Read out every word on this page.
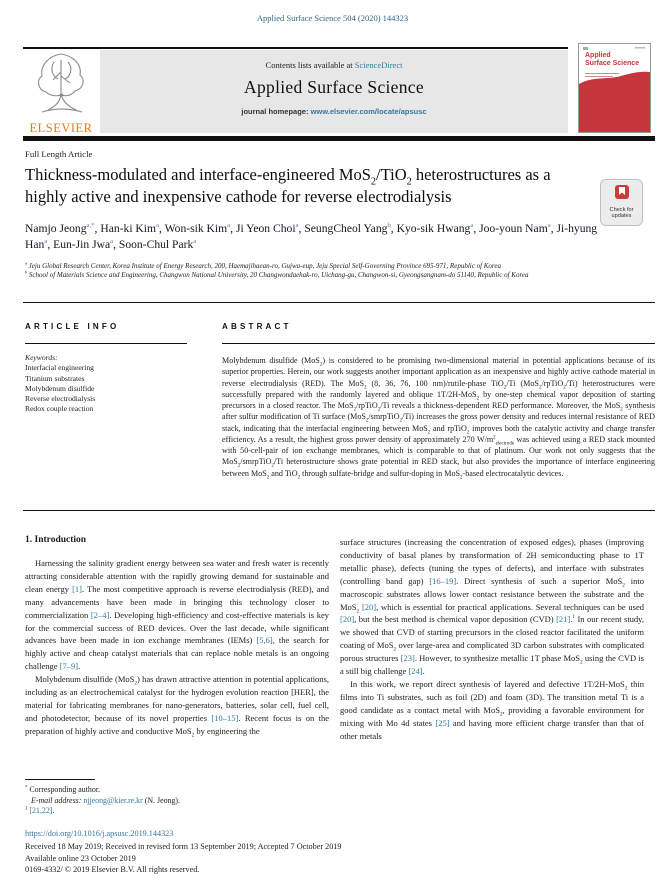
Applied Surface Science 504 (2020) 144323
ELSEVIER
Contents lists available at ScienceDirect
Applied Surface Science
journal homepage: www.elsevier.com/locate/apsusc
Applied
Surface Science
Full Length Article
Thickness-modulated and interface-engineered MoS$_2$/TiO$_2$ heterostructures as a highly active and inexpensive cathode for reverse electrodialysis
Check for
updates
Namjo Jeong$^{a,*}$, Han-ki Kim$^a$, Won-sik Kim$^a$, Ji Yeon Choi$^a$, SeungCheol Yang$^b$, Kyo-sik Hwang$^a$, Joo-youn Nam$^a$, Ji-hyung Han$^a$, Eun-Jin Jwa$^a$, Soon-Chul Park$^a$
$^a$ Jeju Global Research Center, Korea Institute of Energy Research, 200, Haemajihaean-ro, Gujwa-eup, Jeju Special Self-Governing Province 695-971, Republic of Korea
$^b$ School of Materials Science and Engineering, Changwon National University, 20 Changwondaehak-ro, Uichang-gu, Changwon-si, Gyeongsangnam-do 51140, Republic of Korea
ARTICLE INFO
Keywords:
Interfacial engineering
Titanium substrates
Molybdenum disulfide
Reverse electrodialysis
Redox couple reaction
ABSTRACT
Molybdenum disulfide (MoS$_2$) is considered to be promising two-dimensional material in potential applications because of its superior properties. Herein, our work suggests another important application as an inexpensive and highly active cathode material in reverse electrodialysis (RED). The MoS$_2$ (8, 36, 76, 100 nm)/rutile-phase TiO$_2$/Ti (MoS$_2$/rpTiO$_2$/Ti) heterostructures were successfully prepared with the randomly layered and oblique 1T/2H-MoS$_2$ by one-step chemical vapor deposition of starting precursors in a closed reactor. The MoS$_2$/rpTiO$_2$/Ti reveals a thickness-dependent RED performance. Moreover, the MoS$_2$ synthesis after sulfur modification of Ti surface (MoS$_2$/smrpTiO$_2$/Ti) increases the gross power density and reduces internal resistance of RED stack, indicating that the interfacial engineering between MoS$_2$ and rpTiO$_2$ improves both the catalytic activity and charge transfer efficiency. As a result, the highest gross power density of approximately 270 $W/m^2_{electrode}$ was achieved using a RED stack mounted with 50-cell-pair of ion exchange membranes, which is comparable to that of platinum. Our work not only suggests that the MoS$_2$/smrpTiO$_2$/Ti heterostructure shows grate potential in RED stack, but also provides the importance of interface engineering between MoS$_2$ and TiO$_2$ through sulfate-bridge and sulfur-doping in MoS$_2$-based electrocatalytic devices.
1. Introduction

Harnessing the salinity gradient energy between sea water and fresh water is recently attracting considerable attention with the rapidly growing demand for sustainable and clean energy [1]. The most competitive approach is reverse electrodialysis (RED), and many advancements have been made in bringing this technology closer to commercialization [2–4]. Developing high-efficiency and cost-effective materials is key for the commercial success of RED devices. Over the last decade, while significant advances have been made in ion exchange membranes (IEMs) [5,6], the search for highly active and cheap catalyst materials that can replace noble metals is an ongoing challenge [7–9].

Molybdenum disulfide (MoS$_2$) has drawn attractive attention in potential applications, including as an electrochemical catalyst for the hydrogen evolution reaction [HER], the material for fabricating membranes for nano-generators, batteries, solar cell, fuel cell, and photodetector, because of its novel properties [10–15]. Recent focus is on the preparation of highly active and conductive MoS$_2$ by engineering the

surface structures (increasing the concentration of exposed edges), phases (improving conductivity of basal planes by transformation of 2H semiconducting phase to 1T metallic phase), defects (tuning the types of defects), and interface with substrates (controlling band gap) [16–19]. Direct synthesis of such a superior MoS$_2$ into macroscopic substrates allows lower contact resistance between the substrate and the MoS$_2$ [20], which is essential for practical applications. Several techniques can be used [20], but the best method is chemical vapor deposition (CVD) [21].$^1$ In our recent study, we showed that CVD of starting precursors in the closed reactor facilitated the uniform coating of MoS$_2$ over large-area and complicated 3D carbon substrates with complicated porous structures [23]. However, to synthesize metallic 1T phase MoS$_2$ using the CVD is a still big challenge [24].

In this work, we report direct synthesis of layered and defective 1T/2H-MoS$_2$ thin films into Ti substrates, such as foil (2D) and foam (3D). The transition metal Ti is a good candidate as a contact metal with MoS$_2$, providing a favorable environment for mixing with Mo 4d states [25] and having more efficient charge transfer than that of other metals

* Corresponding author.
E-mail address: njjeong@kier.re.kr (N. Jeong).
$^1$ [21,22].
https://doi.org/10.1016/j.apsusc.2019.144323
Received 18 May 2019; Received in revised form 13 September 2019; Accepted 7 October 2019
Available online 23 October 2019
0169-4332/ © 2019 Elsevier B.V. All rights reserved.
